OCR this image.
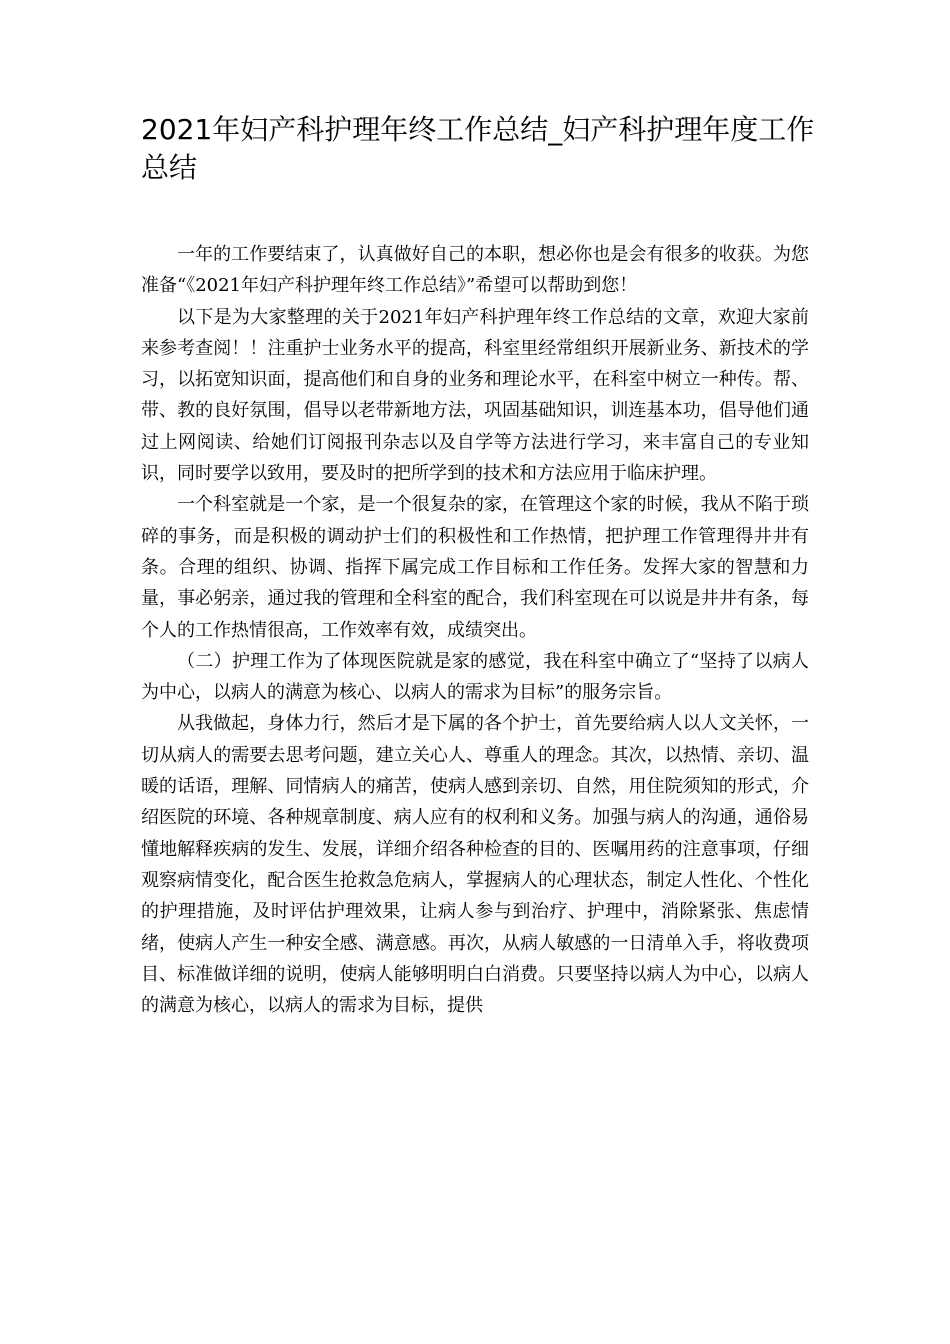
2021年妇产科护理年终工作总结_妇产科护理年度工作总结

一年的工作要结束了，认真做好自己的本职，想必你也是会有很多的收获。为您准备“《2021年妇产科护理年终工作总结》”希望可以帮助到您！

以下是为大家整理的关于2021年妇产科护理年终工作总结的文章，欢迎大家前来参考查阅！！注重护士业务水平的提高，科室里经常组织开展新业务、新技术的学习，以拓宽知识面，提高他们和自身的业务和理论水平，在科室中树立一种传。帮、带、教的良好氛围，倡导以老带新地方法，巩固基础知识，训连基本功，倡导他们通过上网阅读、给她们订阅报刊杂志以及自学等方法进行学习，来丰富自己的专业知识，同时要学以致用，要及时的把所学到的技术和方法应用于临床护理。

一个科室就是一个家，是一个很复杂的家，在管理这个家的时候，我从不陷于琐碎的事务，而是积极的调动护士们的积极性和工作热情，把护理工作管理得井井有条。合理的组织、协调、指挥下属完成工作目标和工作任务。发挥大家的智慧和力量，事必躬亲，通过我的管理和全科室的配合，我们科室现在可以说是井井有条，每个人的工作热情很高，工作效率有效，成绩突出。

（二）护理工作为了体现医院就是家的感觉，我在科室中确立了“坚持了以病人为中心，以病人的满意为核心、以病人的需求为目标”的服务宗旨。

从我做起，身体力行，然后才是下属的各个护士，首先要给病人以人文关怀，一切从病人的需要去思考问题，建立关心人、尊重人的理念。其次，以热情、亲切、温暖的话语，理解、同情病人的痛苦，使病人感到亲切、自然，用住院须知的形式，介绍医院的环境、各种规章制度、病人应有的权利和义务。加强与病人的沟通，通俗易懂地解释疾病的发生、发展，详细介绍各种检查的目的、医嘱用药的注意事项，仔细观察病情变化，配合医生抢救急危病人，掌握病人的心理状态，制定人性化、个性化的护理措施，及时评估护理效果，让病人参与到治疗、护理中，消除紧张、焦虑情绪，使病人产生一种安全感、满意感。再次，从病人敏感的一日清单入手，将收费项目、标准做详细的说明，使病人能够明明白白消费。只要坚持以病人为中心，以病人的满意为核心，以病人的需求为目标，提供
